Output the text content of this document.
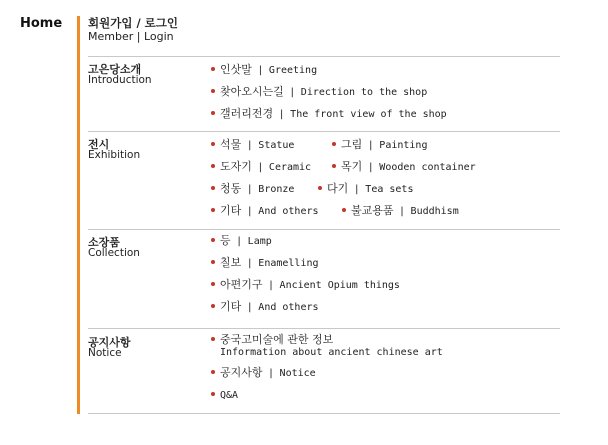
Home 회원가입 / 로그인
Member | Login
고은당소개
Introduction
인삿말 | Greeting
찾아오시는길 | Direction to the shop
갤러리전경 | The front view of the shop
전시
Exhibition
석물 | Statue	그림 | Painting
도자기 | Ceramic	목기 | Wooden container
청동 | Bronze	다기 | Tea sets
기타 | And others	불교용품 | Buddhism
소장품
Collection
등 | Lamp
칠보 | Enamelling
아편기구 | Ancient Opium things
기타 | And others
공지사항
Notice
중국고미술에 관한 정보
Information about ancient chinese art
공지사항 | Notice
Q&A
